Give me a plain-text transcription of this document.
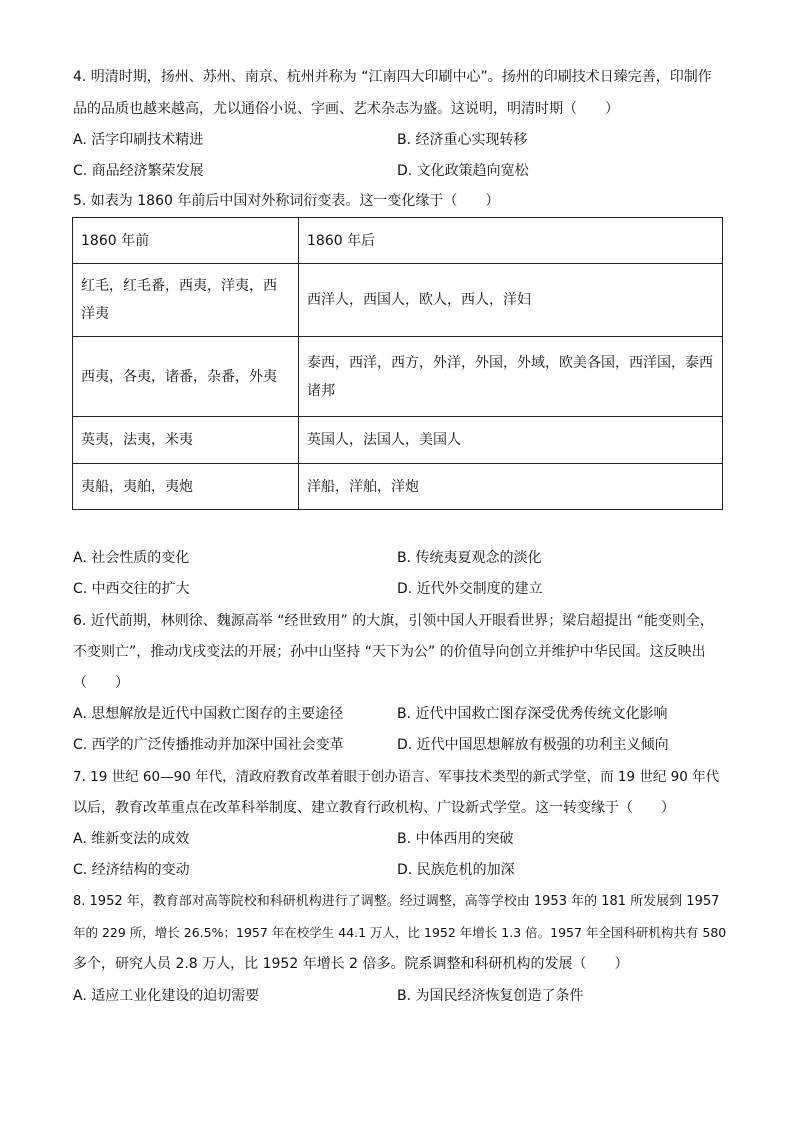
4. 明清时期，扬州、苏州、南京、杭州并称为 “江南四大印刷中心”。扬州的印刷技术日臻完善，印制作
品的品质也越来越高，尤以通俗小说、字画、艺术杂志为盛。这说明，明清时期（　　）
A. 活字印刷技术精进	B. 经济重心实现转移
C. 商品经济繁荣发展	D. 文化政策趋向宽松
5. 如表为 1860 年前后中国对外称词衍变表。这一变化缘于（　　）
1860 年前	1860 年后
红毛，红毛番，西夷，洋夷，西洋夷	西洋人，西国人，欧人，西人，洋妇
西夷，各夷，诸番，杂番，外夷	泰西，西洋，西方，外洋，外国，外域，欧美各国，西洋国，泰西诸邦
英夷，法夷，米夷	英国人，法国人，美国人
夷船，夷舶，夷炮	洋船，洋舶，洋炮
A. 社会性质的变化	B. 传统夷夏观念的淡化
C. 中西交往的扩大	D. 近代外交制度的建立
6. 近代前期，林则徐、魏源高举 “经世致用” 的大旗，引领中国人开眼看世界；梁启超提出 “能变则全，
不变则亡”，推动戊戌变法的开展；孙中山坚持 “天下为公” 的价值导向创立并维护中华民国。这反映出
（　　）
A. 思想解放是近代中国救亡图存的主要途径	B. 近代中国救亡图存深受优秀传统文化影响
C. 西学的广泛传播推动并加深中国社会变革	D. 近代中国思想解放有极强的功利主义倾向
7. 19 世纪 60—90 年代，清政府教育改革着眼于创办语言、军事技术类型的新式学堂，而 19 世纪 90 年代
以后，教育改革重点在改革科举制度、建立教育行政机构、广设新式学堂。这一转变缘于（　　）
A. 维新变法的成效	B. 中体西用的突破
C. 经济结构的变动	D. 民族危机的加深
8. 1952 年，教育部对高等院校和科研机构进行了调整。经过调整，高等学校由 1953 年的 181 所发展到 1957
年的 229 所，增长 26.5%；1957 年在校学生 44.1 万人，比 1952 年增长 1.3 倍。1957 年全国科研机构共有 580
多个，研究人员 2.8 万人，比 1952 年增长 2 倍多。院系调整和科研机构的发展（　　）
A. 适应工业化建设的迫切需要	B. 为国民经济恢复创造了条件
